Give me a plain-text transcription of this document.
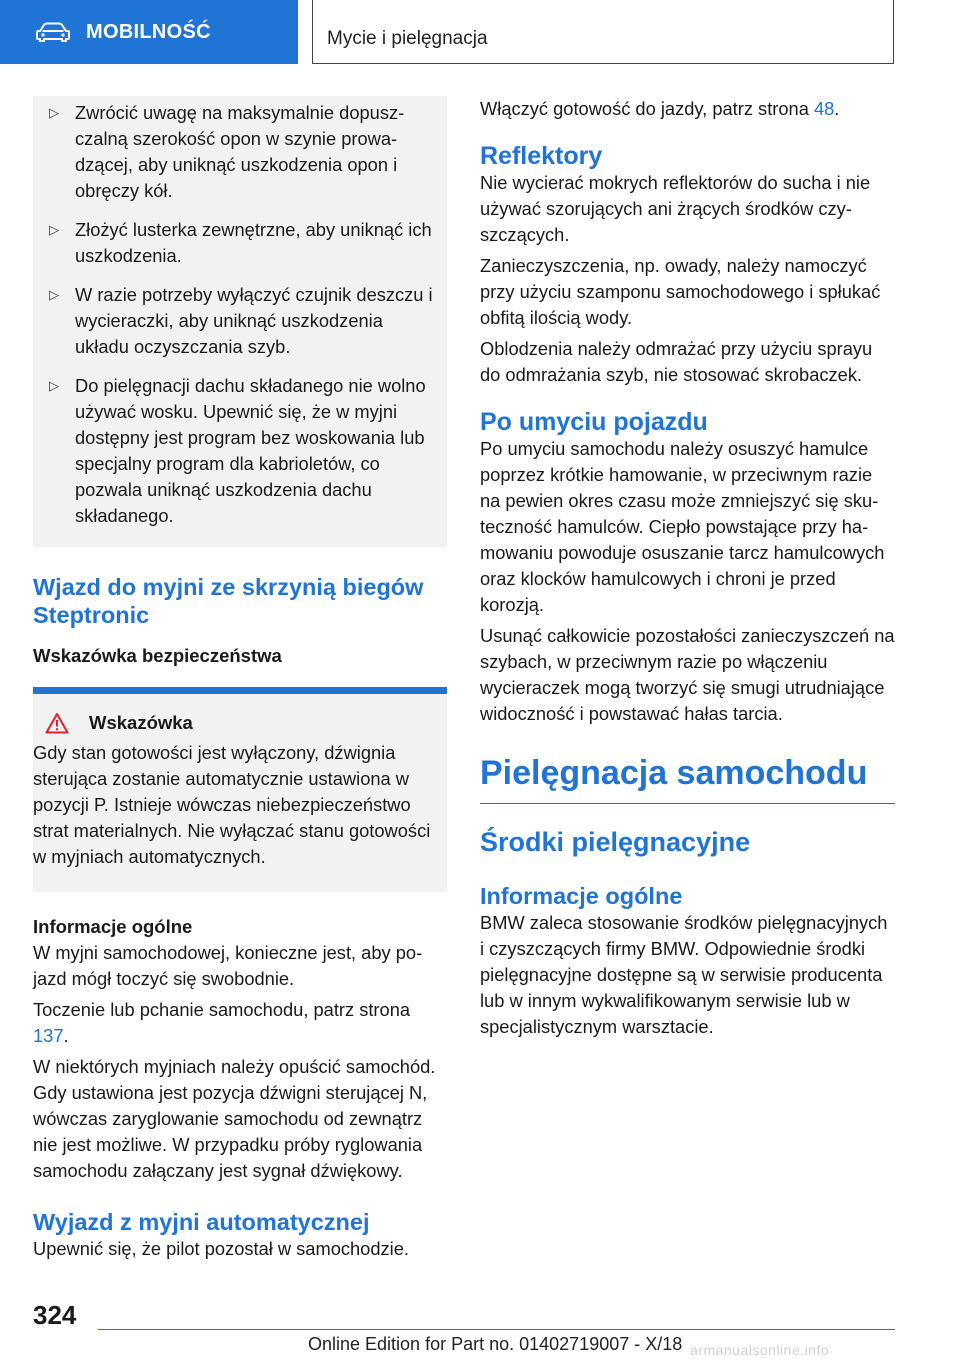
MOBILNOŚĆ	Mycie i pielęgnacja
▷ Zwrócić uwagę na maksymalnie dopuszczalną szerokość opon w szynie prowadzącej, aby uniknąć uszkodzenia opon i obręczy kół.

▷ Złożyć lusterka zewnętrzne, aby uniknąć ich uszkodzenia.

▷ W razie potrzeby wyłączyć czujnik deszczu i wycieraczki, aby uniknąć uszkodzenia układu oczyszczania szyb.

▷ Do pielęgnacji dachu składanego nie wolno używać wosku. Upewnić się, że w myjni dostępny jest program bez woskowania lub specjalny program dla kabrioletów, co pozwala uniknąć uszkodzenia dachu składanego.

Wjazd do myjni ze skrzynią biegów Steptronic
Wskazówka bezpieczeństwa
Wskazówka

Gdy stan gotowości jest wyłączony, dźwignia sterująca zostanie automatycznie ustawiona w pozycji P. Istnieje wówczas niebezpieczeństwo strat materialnych. Nie wyłączać stanu gotowości w myjniach automatycznych.

Informacje ogólne

W myjni samochodowej, konieczne jest, aby pojazd mógł toczyć się swobodnie.

Toczenie lub pchanie samochodu, patrz strona 137.

W niektórych myjniach należy opuścić samochód. Gdy ustawiona jest pozycja dźwigni sterującej N, wówczas zaryglowanie samochodu od zewnątrz nie jest możliwe. W przypadku próby ryglowania samochodu załączany jest sygnał dźwiękowy.

Wyjazd z myjni automatycznej

Upewnić się, że pilot pozostał w samochodzie.

Włączyć gotowość do jazdy, patrz strona 48.

Reflektory

Nie wycierać mokrych reflektorów do sucha i nie używać szorujących ani żrących środków czyszczących.

Zanieczyszczenia, np. owady, należy namoczyć przy użyciu szamponu samochodowego i spłukać obfitą ilością wody.

Oblodzenia należy odmrażać przy użyciu sprayu do odmrażania szyb, nie stosować skrobaczek.

Po umyciu pojazdu

Po umyciu samochodu należy osuszyć hamulce poprzez krótkie hamowanie, w przeciwnym razie na pewien okres czasu może zmniejszyć się skuteczność hamulców. Ciepło powstające przy hamowaniu powoduje osuszanie tarcz hamulcowych oraz klocków hamulcowych i chroni je przed korozją.

Usunąć całkowicie pozostałości zanieczyszczeń na szybach, w przeciwnym razie po włączeniu wycieraczek mogą tworzyć się smugi utrudniające widoczność i powstawać hałas tarcia.

Pielęgnacja samochodu
Środki pielęgnacyjne
Informacje ogólne

BMW zaleca stosowanie środków pielęgnacyjnych i czyszczących firmy BMW. Odpowiednie środki pielęgnacyjne dostępne są w serwisie producenta lub w innym wykwalifikowanym serwisie lub w specjalistycznym warsztacie.

324
Online Edition for Part no. 01402719007 - X/18 armanualsonline.info
